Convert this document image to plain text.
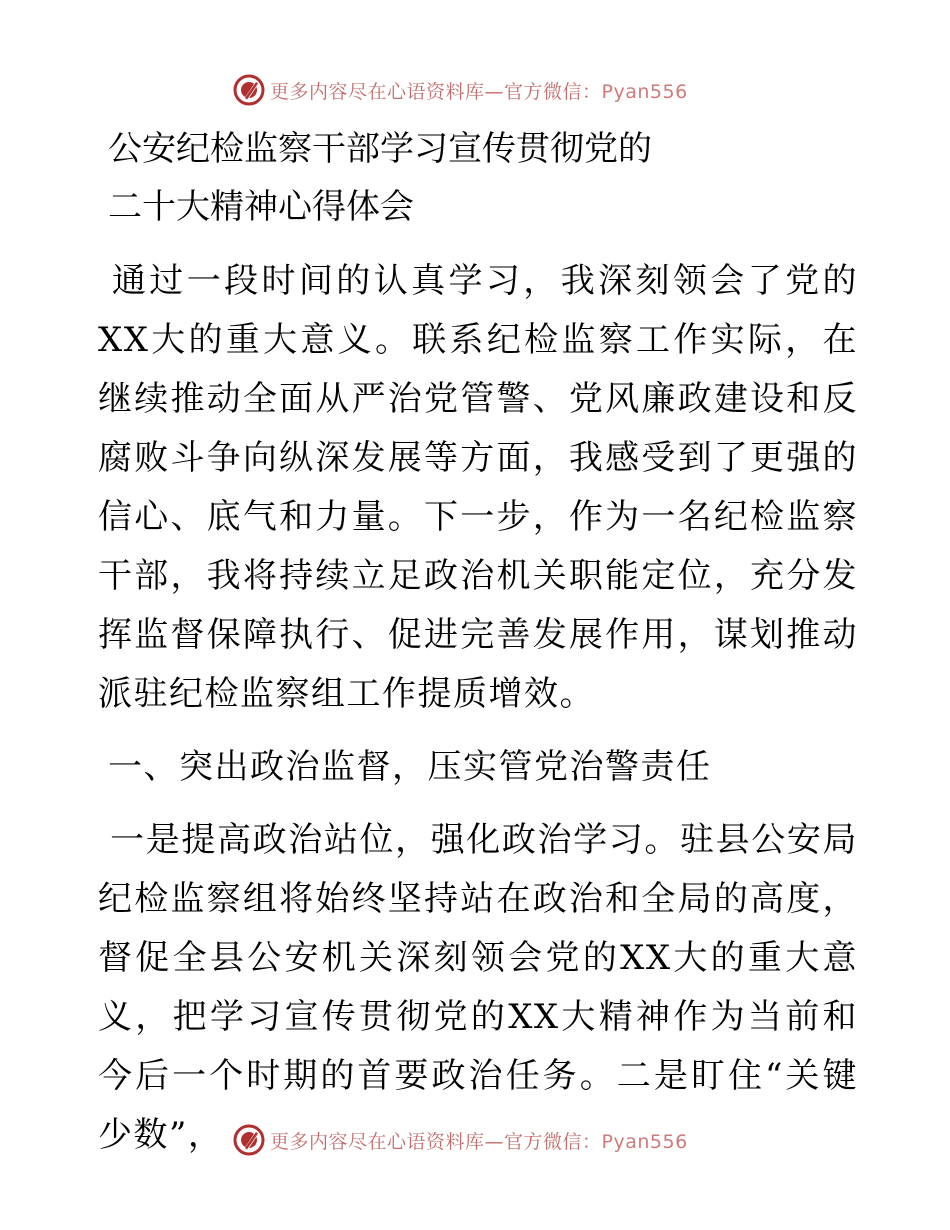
更多内容尽在心语资料库—官方微信：Pyan556
公安纪检监察干部学习宣传贯彻党的
二十大精神心得体会

通过一段时间的认真学习，我深刻领会了党的XX大的重大意义。联系纪检监察工作实际，在继续推动全面从严治党管警、党风廉政建设和反腐败斗争向纵深发展等方面，我感受到了更强的信心、底气和力量。下一步，作为一名纪检监察干部，我将持续立足政治机关职能定位，充分发挥监督保障执行、促进完善发展作用，谋划推动派驻纪检监察组工作提质增效。

一、突出政治监督，压实管党治警责任

一是提高政治站位，强化政治学习。驻县公安局纪检监察组将始终坚持站在政治和全局的高度，督促全县公安机关深刻领会党的XX大的重大意义，把学习宣传贯彻党的XX大精神作为当前和今后一个时期的首要政治任务。二是盯住“关键少数”，	更多内容尽在心语资料库—官方微信：Pyan556
